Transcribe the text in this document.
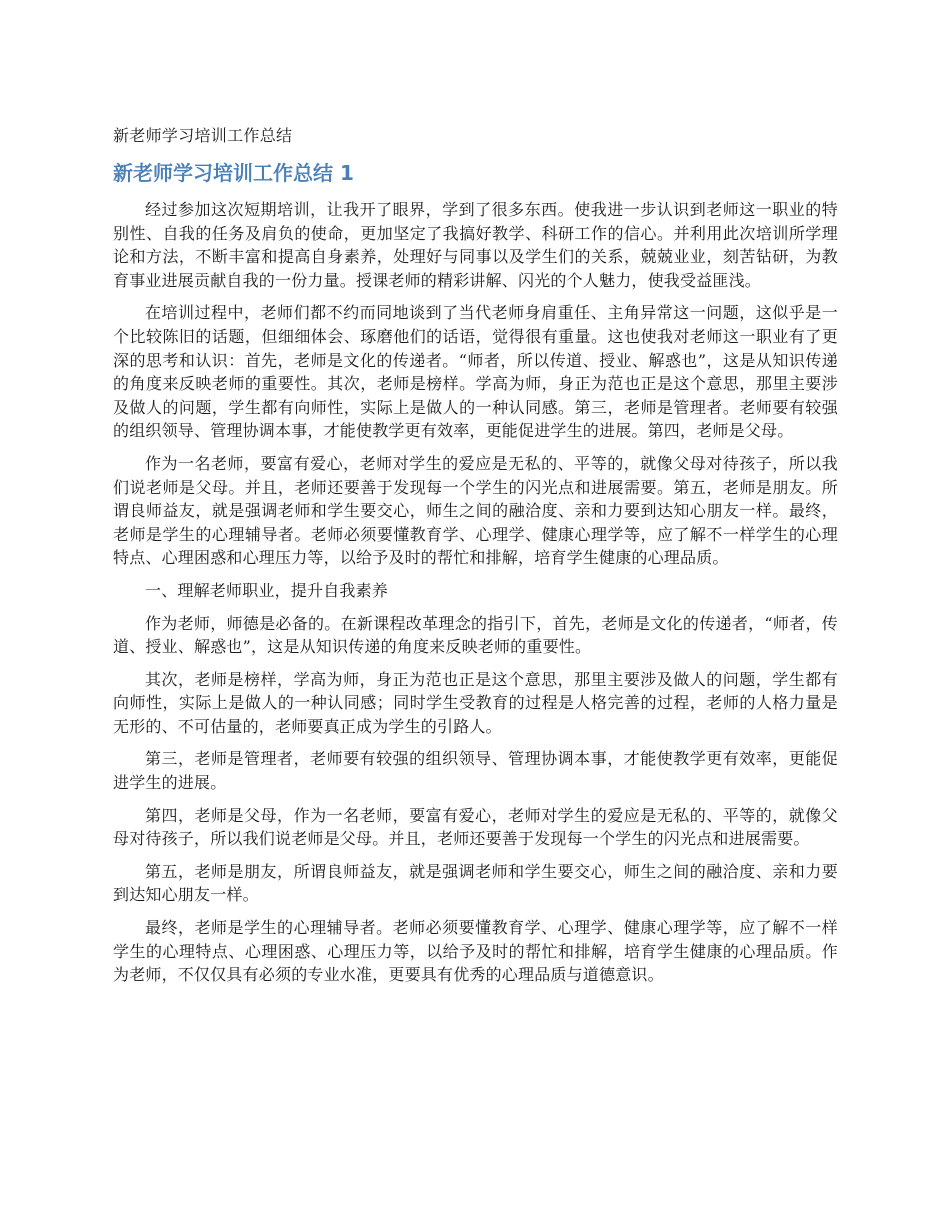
新老师学习培训工作总结
新老师学习培训工作总结 1

经过参加这次短期培训，让我开了眼界，学到了很多东西。使我进一步认识到老师这一职业的特别性、自我的任务及肩负的使命，更加坚定了我搞好教学、科研工作的信心。并利用此次培训所学理论和方法，不断丰富和提高自身素养，处理好与同事以及学生们的关系，兢兢业业，刻苦钻研，为教育事业进展贡献自我的一份力量。授课老师的精彩讲解、闪光的个人魅力，使我受益匪浅。

在培训过程中，老师们都不约而同地谈到了当代老师身肩重任、主角异常这一问题，这似乎是一个比较陈旧的话题，但细细体会、琢磨他们的话语，觉得很有重量。这也使我对老师这一职业有了更深的思考和认识：首先，老师是文化的传递者。“师者，所以传道、授业、解惑也”，这是从知识传递的角度来反映老师的重要性。其次，老师是榜样。学高为师，身正为范也正是这个意思，那里主要涉及做人的问题，学生都有向师性，实际上是做人的一种认同感。第三，老师是管理者。老师要有较强的组织领导、管理协调本事，才能使教学更有效率，更能促进学生的进展。第四，老师是父母。

作为一名老师，要富有爱心，老师对学生的爱应是无私的、平等的，就像父母对待孩子，所以我们说老师是父母。并且，老师还要善于发现每一个学生的闪光点和进展需要。第五，老师是朋友。所谓良师益友，就是强调老师和学生要交心，师生之间的融洽度、亲和力要到达知心朋友一样。最终，老师是学生的心理辅导者。老师必须要懂教育学、心理学、健康心理学等，应了解不一样学生的心理特点、心理困惑和心理压力等，以给予及时的帮忙和排解，培育学生健康的心理品质。

一、理解老师职业，提升自我素养

作为老师，师德是必备的。在新课程改革理念的指引下，首先，老师是文化的传递者，“师者，传道、授业、解惑也”，这是从知识传递的角度来反映老师的重要性。

其次，老师是榜样，学高为师，身正为范也正是这个意思，那里主要涉及做人的问题，学生都有向师性，实际上是做人的一种认同感；同时学生受教育的过程是人格完善的过程，老师的人格力量是无形的、不可估量的，老师要真正成为学生的引路人。

第三，老师是管理者，老师要有较强的组织领导、管理协调本事，才能使教学更有效率，更能促进学生的进展。

第四，老师是父母，作为一名老师，要富有爱心，老师对学生的爱应是无私的、平等的，就像父母对待孩子，所以我们说老师是父母。并且，老师还要善于发现每一个学生的闪光点和进展需要。

第五，老师是朋友，所谓良师益友，就是强调老师和学生要交心，师生之间的融洽度、亲和力要到达知心朋友一样。

最终，老师是学生的心理辅导者。老师必须要懂教育学、心理学、健康心理学等，应了解不一样学生的心理特点、心理困惑、心理压力等，以给予及时的帮忙和排解，培育学生健康的心理品质。作为老师，不仅仅具有必须的专业水准，更要具有优秀的心理品质与道德意识。
